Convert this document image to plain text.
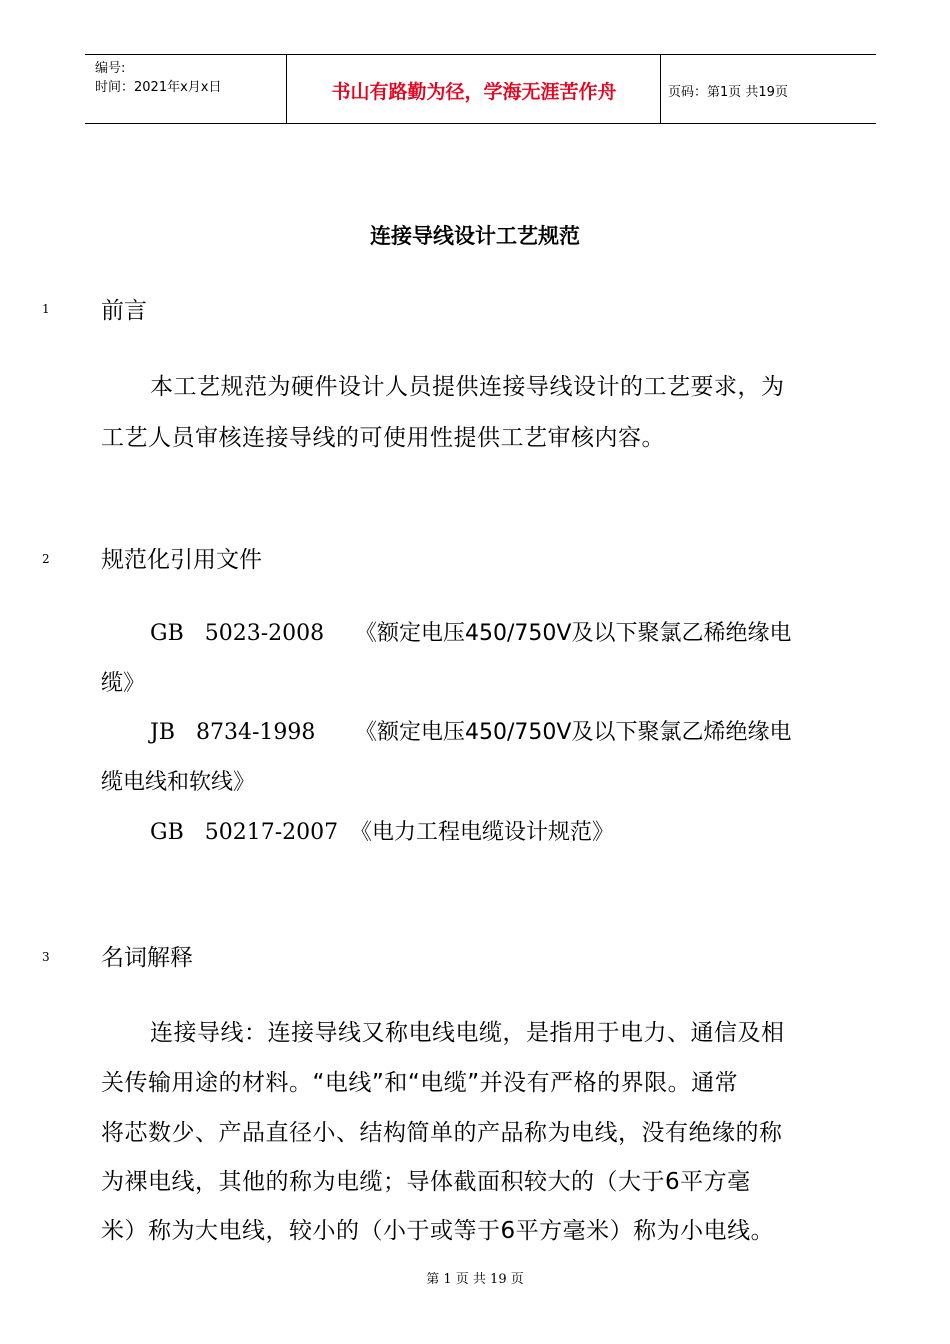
编号:
时间：2021年x月x日	书山有路勤为径，学海无涯苦作舟	页码：第1页 共19页
连接导线设计工艺规范
1 前言
本工艺规范为硬件设计人员提供连接导线设计的工艺要求，为
工艺人员审核连接导线的可使用性提供工艺审核内容。
2 规范化引用文件
GB   5023-2008 《额定电压450/750V及以下聚氯乙稀绝缘电
缆》
JB   8734-1998 《额定电压450/750V及以下聚氯乙烯绝缘电
缆电线和软线》
GB   50217-2007 《电力工程电缆设计规范》
3 名词解释
连接导线：连接导线又称电线电缆，是指用于电力、通信及相
关传输用途的材料。“电线”和“电缆”并没有严格的界限。通常
将芯数少、产品直径小、结构简单的产品称为电线，没有绝缘的称
为裸电线，其他的称为电缆；导体截面积较大的（大于6平方毫
米）称为大电线，较小的（小于或等于6平方毫米）称为小电线。
第 1 页 共 19 页
